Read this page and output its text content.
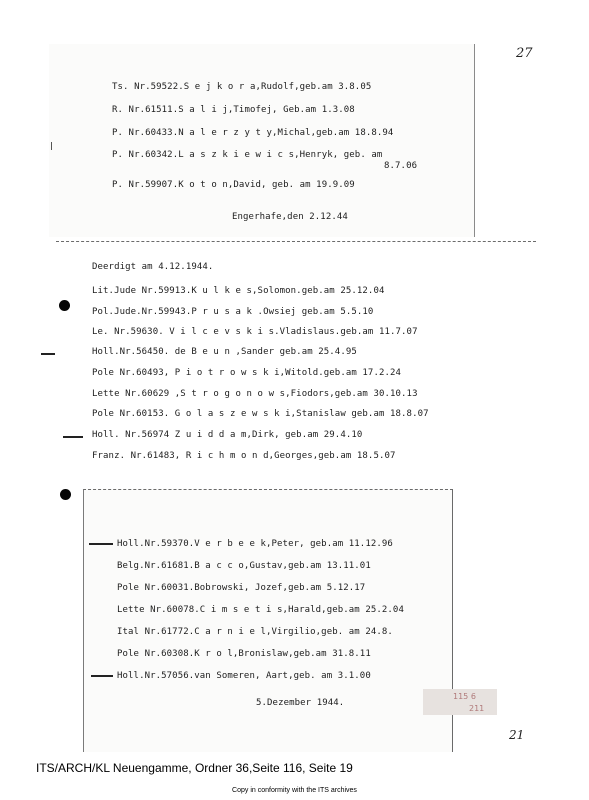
Ts. Nr.59522.S e j k o r a,Rudolf,geb.am 3.8.05
R. Nr.61511.S a l i j,Timofej, Geb.am 1.3.08
P. Nr.60433.N a l e r z y t y,Michal,geb.am 18.8.94
P. Nr.60342.L a s z k i e w i c s,Henryk, geb. am
8.7.06
P. Nr.59907.K o t o n,David, geb. am 19.9.09
Engerhafe,den 2.12.44
Deerdigt am 4.12.1944.
Lit.Jude Nr.59913.K u l k e s,Solomon.geb.am 25.12.04
Pol.Jude.Nr.59943.P r u s a k .Owsiej geb.am 5.5.10
Le. Nr.59630. V i l c e v s k i s.Vladislaus.geb.am 11.7.07
Holl.Nr.56450. de B e u n ,Sander geb.am 25.4.95
Pole Nr.60493, P i o t r o w s k i,Witold.geb.am 17.2.24
Lette Nr.60629 ,S t r o g o n o w s,Fiodors,geb.am 30.10.13
Pole Nr.60153. G o l a s z e w s k i,Stanislaw geb.am 18.8.07
Holl. Nr.56974 Z u i d d a m,Dirk, geb.am 29.4.10
Franz. Nr.61483, R i c h m o n d,Georges,geb.am 18.5.07
Holl.Nr.59370.V e r b e e k,Peter, geb.am 11.12.96
Belg.Nr.61681.B a c c o,Gustav,geb.am 13.11.01
Pole Nr.60031.Bobrowski, Jozef,geb.am 5.12.17
Lette Nr.60078.C i m s e t i s,Harald,geb.am 25.2.04
Ital Nr.61772.C a r n i e l,Virgilio,geb. am 24.8.
Pole Nr.60308.K r o l,Bronislaw,geb.am 31.8.11
Holl.Nr.57056.van Someren, Aart,geb. am 3.1.00
5.Dezember 1944.
27
21
115 6
211
ITS/ARCH/KL Neuengamme, Ordner 36,Seite 116, Seite 19
Copy in conformity with the ITS archives
